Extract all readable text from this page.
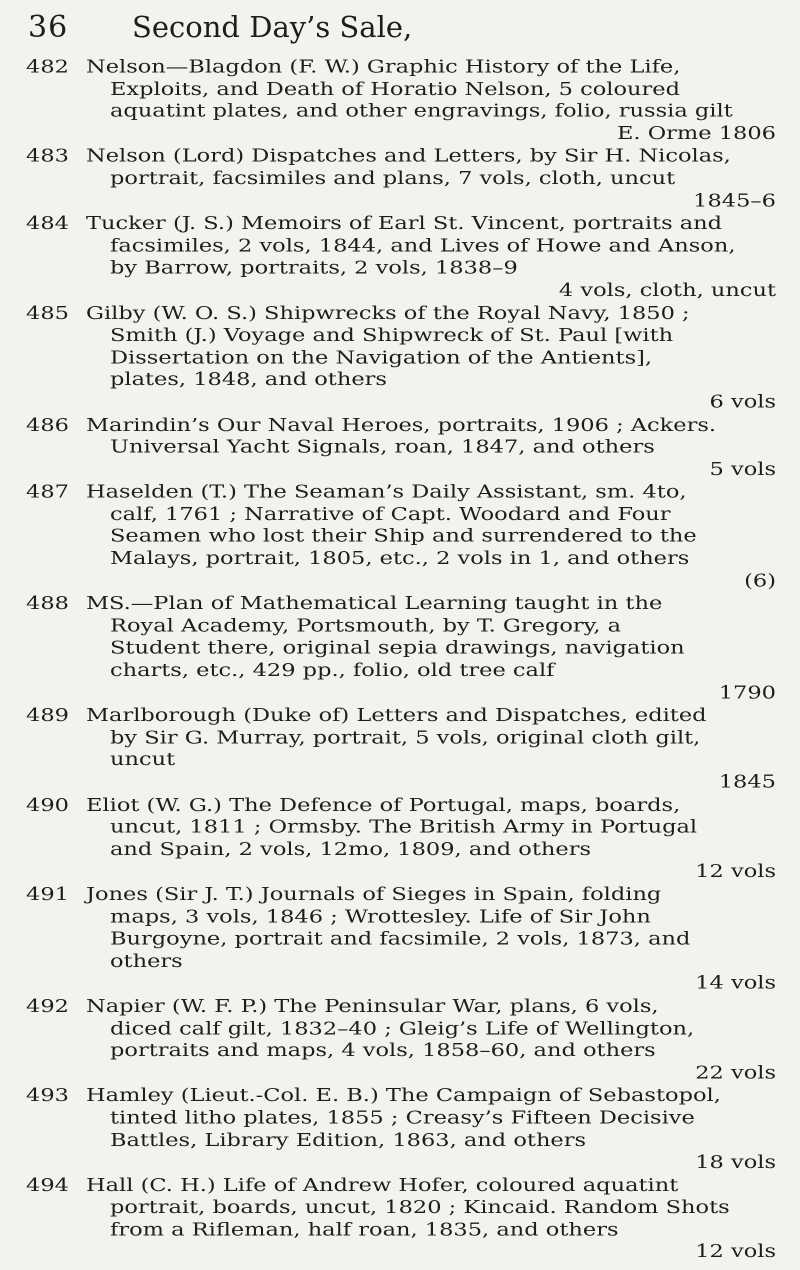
36 Second Day’s Sale,
482 Nelson—Blagdon (F. W.) Graphic History of the Life,
Exploits, and Death of Horatio Nelson, 5 coloured
aquatint plates, and other engravings, folio, russia gilt
E. Orme 1806
483 Nelson (Lord) Dispatches and Letters, by Sir H. Nicolas,
portrait, facsimiles and plans, 7 vols, cloth, uncut
1845–6
484 Tucker (J. S.) Memoirs of Earl St. Vincent, portraits and
facsimiles, 2 vols, 1844, and Lives of Howe and Anson,
by Barrow, portraits, 2 vols, 1838–9
4 vols, cloth, uncut
485 Gilby (W. O. S.) Shipwrecks of the Royal Navy, 1850 ;
Smith (J.) Voyage and Shipwreck of St. Paul [with
Dissertation on the Navigation of the Antients],
plates, 1848, and others
6 vols
486 Marindin’s Our Naval Heroes, portraits, 1906 ; Ackers.
Universal Yacht Signals, roan, 1847, and others
5 vols
487 Haselden (T.) The Seaman’s Daily Assistant, sm. 4to,
calf, 1761 ; Narrative of Capt. Woodard and Four
Seamen who lost their Ship and surrendered to the
Malays, portrait, 1805, etc., 2 vols in 1, and others
(6)
488 MS.—Plan of Mathematical Learning taught in the
Royal Academy, Portsmouth, by T. Gregory, a
Student there, original sepia drawings, navigation
charts, etc., 429 pp., folio, old tree calf
1790
489 Marlborough (Duke of) Letters and Dispatches, edited
by Sir G. Murray, portrait, 5 vols, original cloth gilt,
uncut
1845
490 Eliot (W. G.) The Defence of Portugal, maps, boards,
uncut, 1811 ; Ormsby. The British Army in Portugal
and Spain, 2 vols, 12mo, 1809, and others
12 vols
491 Jones (Sir J. T.) Journals of Sieges in Spain, folding
maps, 3 vols, 1846 ; Wrottesley. Life of Sir John
Burgoyne, portrait and facsimile, 2 vols, 1873, and
others
14 vols
492 Napier (W. F. P.) The Peninsular War, plans, 6 vols,
diced calf gilt, 1832–40 ; Gleig’s Life of Wellington,
portraits and maps, 4 vols, 1858–60, and others
22 vols
493 Hamley (Lieut.-Col. E. B.) The Campaign of Sebastopol,
tinted litho plates, 1855 ; Creasy’s Fifteen Decisive
Battles, Library Edition, 1863, and others
18 vols
494 Hall (C. H.) Life of Andrew Hofer, coloured aquatint
portrait, boards, uncut, 1820 ; Kincaid. Random Shots
from a Rifleman, half roan, 1835, and others
12 vols
